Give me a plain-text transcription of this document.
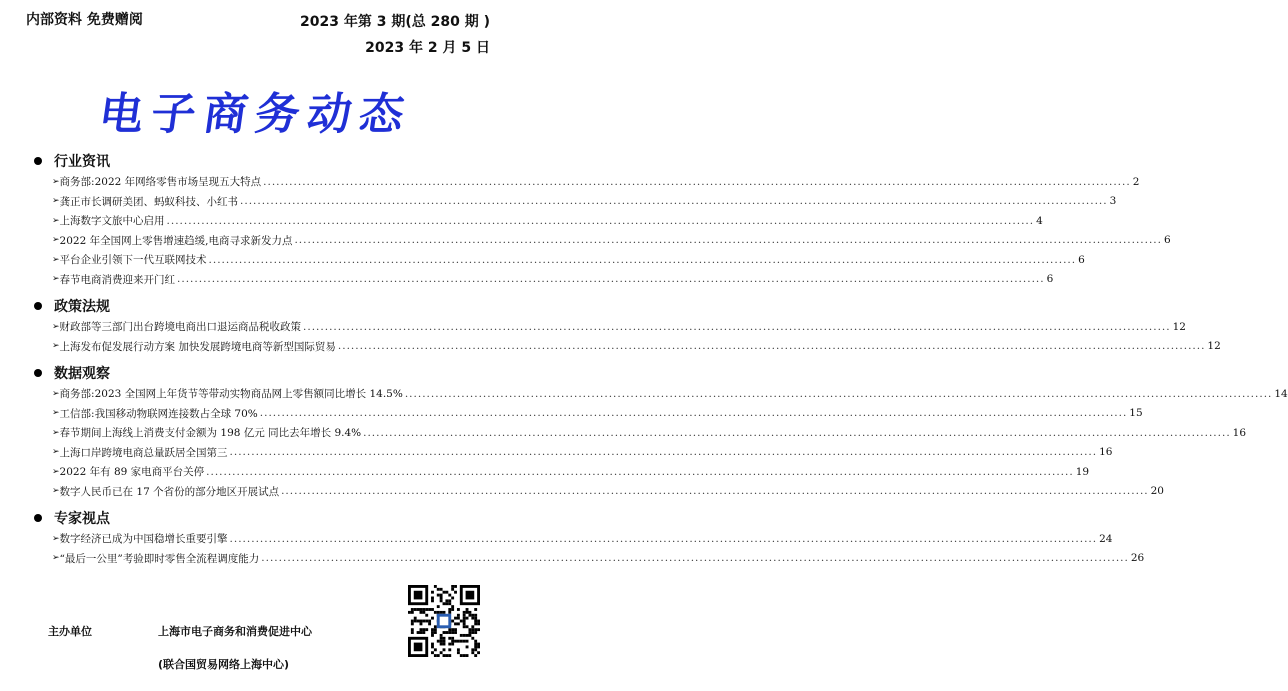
内部资料 免费赠阅	2023 年第 3 期(总 280 期 )
2023 年 2 月 5 日
电子商务动态
行业资讯
➢ 商务部:2022 年网络零售市场呈现五大特点 ........................................................................................................................................................................................................ 2
➢ 龚正市长调研美团、蚂蚁科技、小红书 ........................................................................................................................................................................................................ 3
➢ 上海数字文旅中心启用 ........................................................................................................................................................................................................ 4
➢ 2022 年全国网上零售增速趋缓,电商寻求新发力点 ........................................................................................................................................................................................................ 6
➢ 平台企业引领下一代互联网技术 ........................................................................................................................................................................................................ 6
➢ 春节电商消费迎来开门红 ........................................................................................................................................................................................................ 6
政策法规
➢ 财政部等三部门出台跨境电商出口退运商品税收政策 ........................................................................................................................................................................................................ 12
➢ 上海发布促发展行动方案 加快发展跨境电商等新型国际贸易 ........................................................................................................................................................................................................ 12
数据观察
➢ 商务部:2023 全国网上年货节等带动实物商品网上零售额同比增长 14.5% ........................................................................................................................................................................................................ 14
➢ 工信部:我国移动物联网连接数占全球 70% ........................................................................................................................................................................................................ 15
➢ 春节期间上海线上消费支付金额为 198 亿元 同比去年增长 9.4% ........................................................................................................................................................................................................ 16
➢ 上海口岸跨境电商总量跃居全国第三 ........................................................................................................................................................................................................ 16
➢ 2022 年有 89 家电商平台关停 ........................................................................................................................................................................................................ 19
➢ 数字人民币已在 17 个省份的部分地区开展试点 ........................................................................................................................................................................................................ 20
专家视点
➢ 数字经济已成为中国稳增长重要引擎 ........................................................................................................................................................................................................ 24
➢ “最后一公里”考验即时零售全流程调度能力 ........................................................................................................................................................................................................ 26
主办单位	上海市电子商务和消费促进中心
(联合国贸易网络上海中心)
